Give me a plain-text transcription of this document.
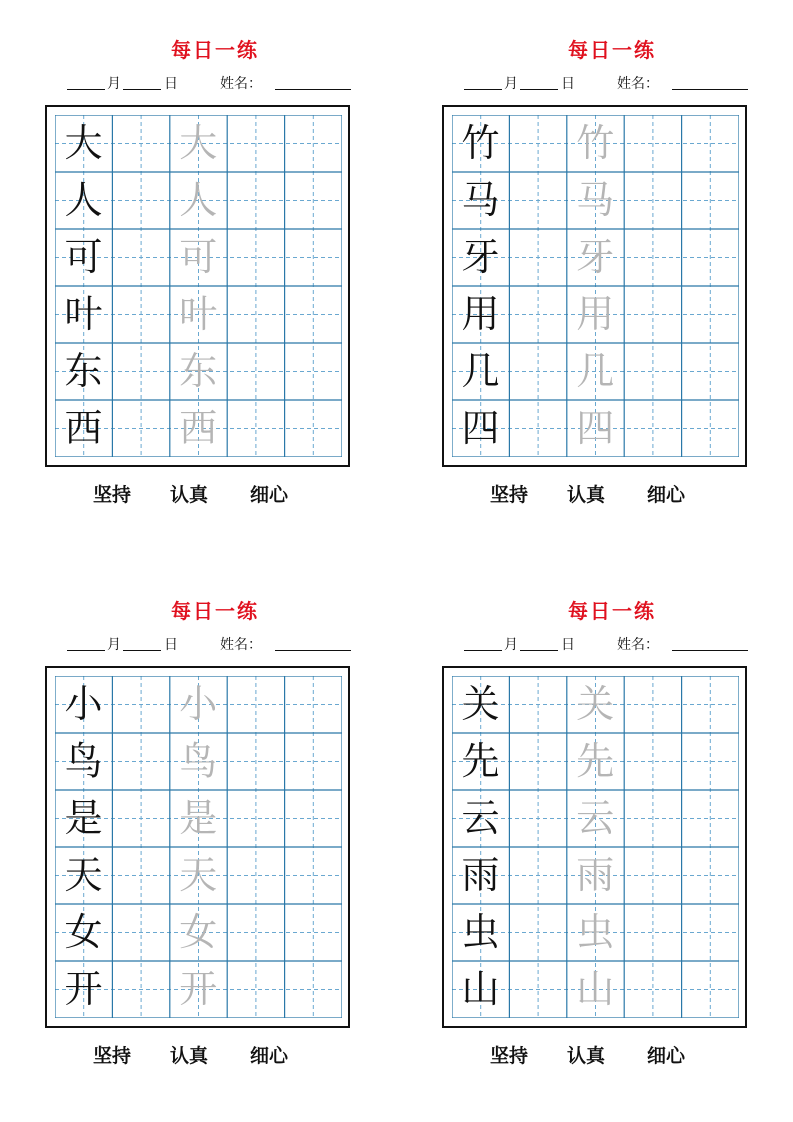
每日一练
月	日	姓名：
大 大
人 人
可 可
叶 叶
东 东
西 西
坚持 认真 细心
每日一练
月	日	姓名：
竹 竹
马 马
牙 牙
用 用
几 几
四 四
坚持 认真 细心
每日一练
月	日	姓名：
小 小
鸟 鸟
是 是
天 天
女 女
开 开
坚持 认真 细心
每日一练
月	日	姓名：
关 关
先 先
云 云
雨 雨
虫 虫
山 山
坚持 认真 细心
